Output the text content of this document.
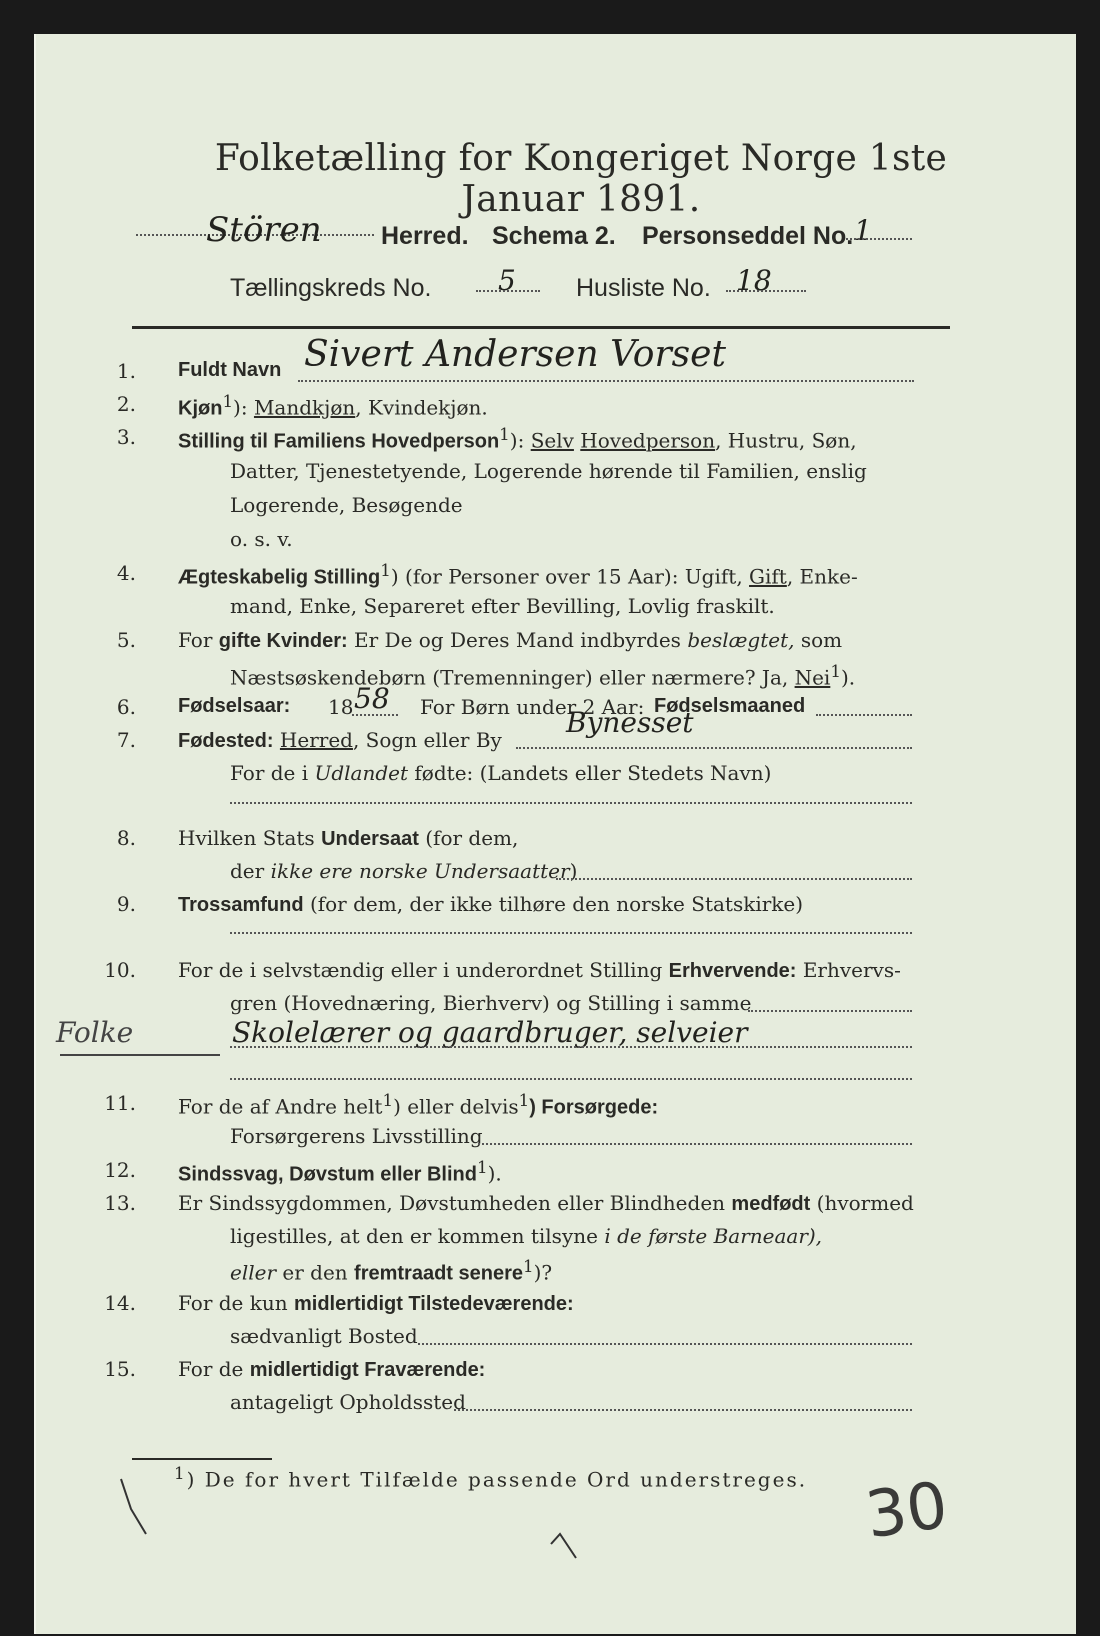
Folketælling for Kongeriget Norge 1ste Januar 1891.
Stören Herred. Schema 2. Personseddel No. 1
Tællingskreds No. 5 Husliste No. 18
1. Fuldt Navn Sivert Andersen Vorset
2. Kjøn$^1$): Mandkjøn, Kvindekjøn.
3. Stilling til Familiens Hovedperson$^1$): Selv Hovedperson, Hustru, Søn,
Datter, Tjenestetyende, Logerende hørende til Familien, enslig
Logerende, Besøgende
o. s. v.
4. Ægteskabelig Stilling$^1$) (for Personer over 15 Aar): Ugift, Gift, Enke-
mand, Enke, Separeret efter Bevilling, Lovlig fraskilt.
5. For gifte Kvinder: Er De og Deres Mand indbyrdes beslægtet, som
Næstsøskendebørn (Tremenninger) eller nærmere? Ja, Nei$^1$).
6. Fødselsaar: 18 58 For Børn under 2 Aar: Fødselsmaaned
7. Fødested: Herred, Sogn eller By
Bynesset
For de i Udlandet fødte: (Landets eller Stedets Navn)
8. Hvilken Stats Undersaat (for dem,
der ikke ere norske Undersaatter)
9. Trossamfund (for dem, der ikke tilhøre den norske Statskirke)
10. For de i selvstændig eller i underordnet Stilling Erhvervende: Erhvervs-
gren (Hovednæring, Bierhverv) og Stilling i samme
Skolelærer og gaardbruger, selveier
Folke
11. For de af Andre helt$^1$) eller delvis$^1$) Forsørgede:
Forsørgerens Livsstilling
12. Sindssvag, Døvstum eller Blind$^1$).
13. Er Sindssygdommen, Døvstumheden eller Blindheden medfødt (hvormed
ligestilles, at den er kommen tilsyne i de første Barneaar),
eller er den fremtraadt senere$^1$)?
14. For de kun midlertidigt Tilstedeværende:
sædvanligt Bosted
15. For de midlertidigt Fraværende:
antageligt Opholdssted
$^1$) De for hvert Tilfælde passende Ord understreges. 30
